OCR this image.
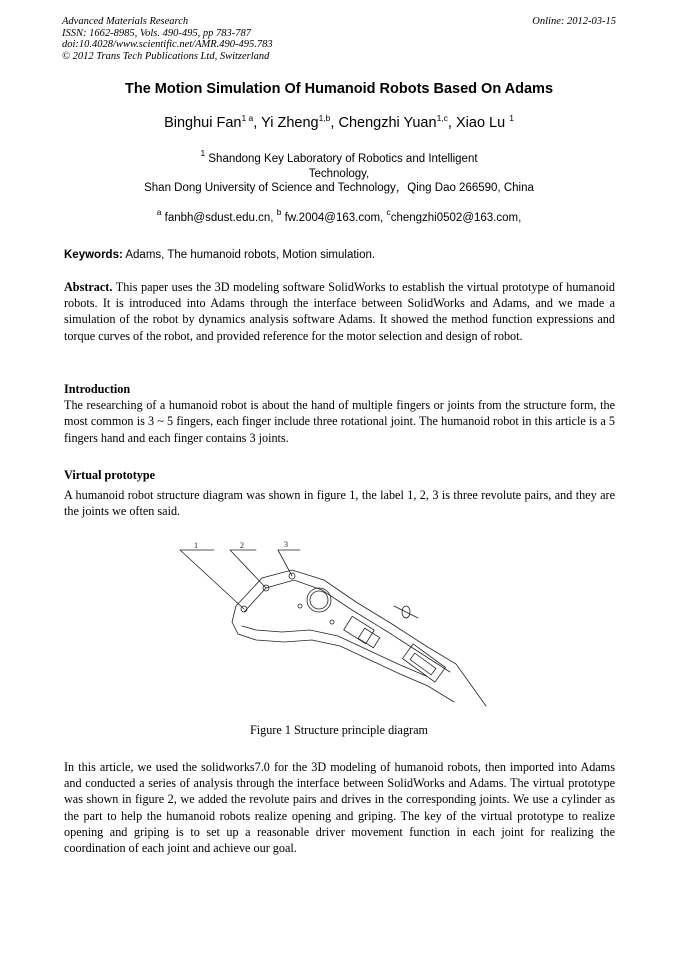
Advanced Materials Research
ISSN: 1662-8985, Vols. 490-495, pp 783-787
doi:10.4028/www.scientific.net/AMR.490-495.783
© 2012 Trans Tech Publications Ltd, Switzerland
Online: 2012-03-15
The Motion Simulation Of Humanoid Robots Based On Adams
Binghui Fan$^{1 a}$, Yi Zheng$^{1,b}$, Chengzhi Yuan$^{1,c}$, Xiao Lu $^1$
$^1$ Shandong Key Laboratory of Robotics and Intelligent
Technology,
Shan Dong University of Science and Technology，Qing Dao 266590, China
$^a$ fanbh@sdust.edu.cn, $^b$ fw.2004@163.com, $^c$chengzhi0502@163.com,
Keywords: Adams, The humanoid robots, Motion simulation.
Abstract. This paper uses the 3D modeling software SolidWorks to establish the virtual prototype of humanoid robots. It is introduced into Adams through the interface between SolidWorks and Adams, and we made a simulation of the robot by dynamics analysis software Adams. It showed the method function expressions and torque curves of the robot, and provided reference for the motor selection and design of robot.
Introduction
The researching of a humanoid robot is about the hand of multiple fingers or joints from the structure form, the most common is 3 ~ 5 fingers, each finger include three rotational joint. The humanoid robot in this article is a 5 fingers hand and each finger contains 3 joints.
Virtual prototype
A humanoid robot structure diagram was shown in figure 1, the label 1, 2, 3 is three revolute pairs, and they are the joints we often said.
1	2	3
Figure 1 Structure principle diagram
In this article, we used the solidworks7.0 for the 3D modeling of humanoid robots, then imported into Adams and conducted a series of analysis through the interface between SolidWorks and Adams. The virtual prototype was shown in figure 2, we added the revolute pairs and drives in the corresponding joints. We use a cylinder as the part to help the humanoid robots realize opening and griping. The key of the virtual prototype to realize opening and griping is to set up a reasonable driver movement function in each joint for realizing the coordination of each joint and achieve our goal.
